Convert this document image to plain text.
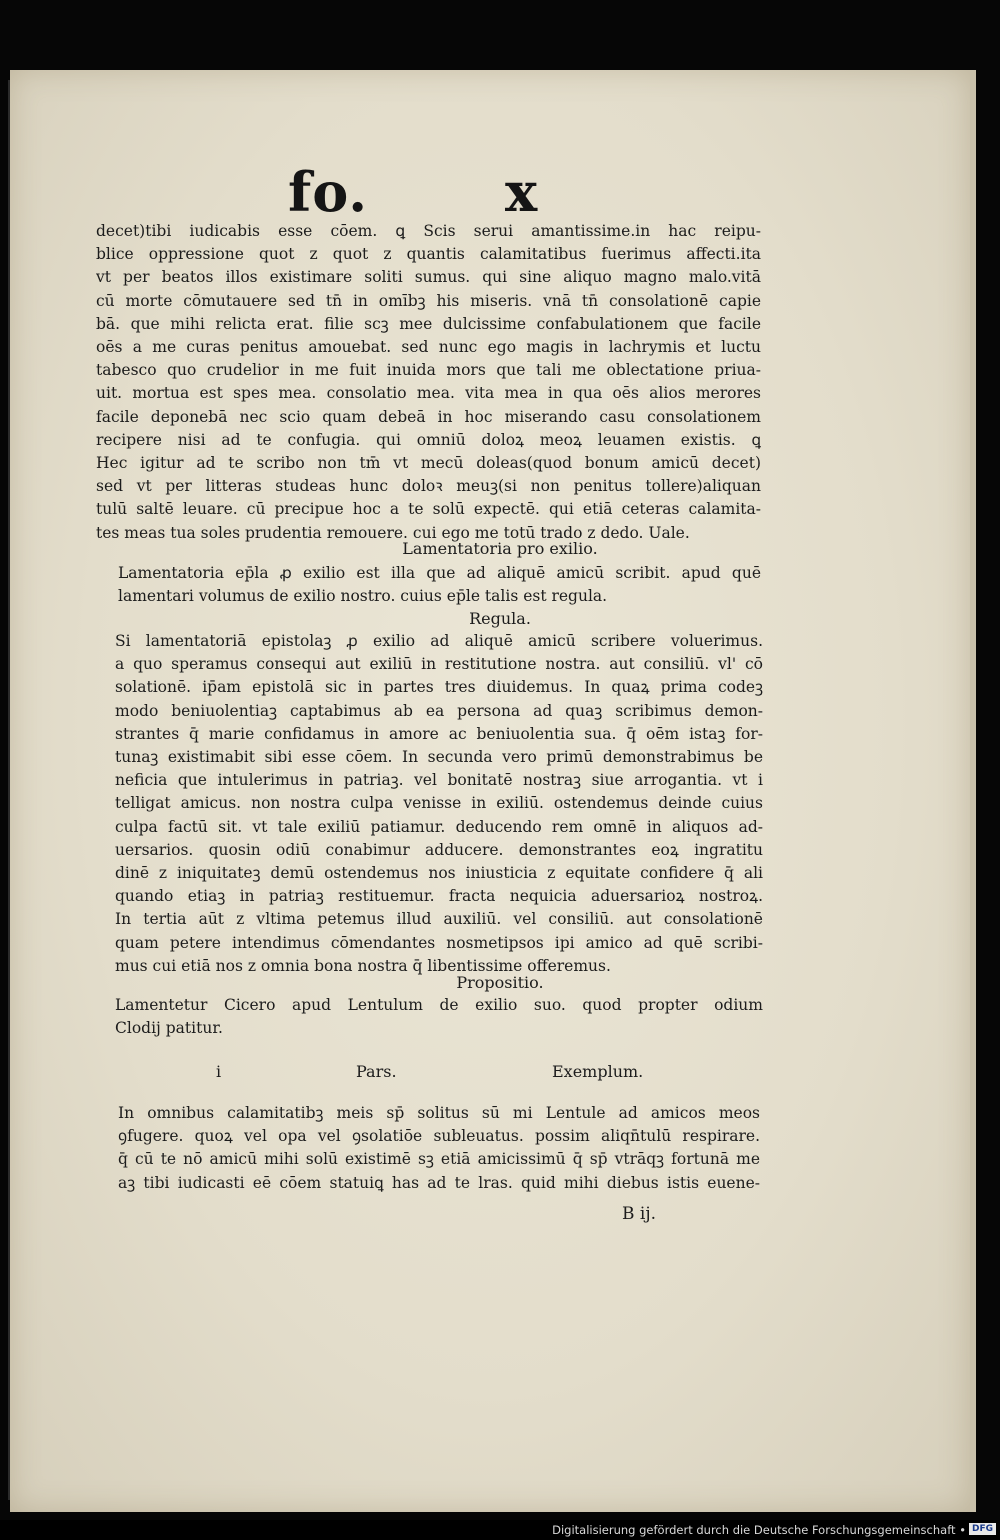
fo.	x

decet)tibi iudicabis esse cōem. ꝗ Scis serui amantissime.in hac reipu-

blice oppressione quot z quot z quantis calamitatibus fuerimus affecti.ita

vt per beatos illos existimare soliti sumus. qui sine aliquo magno malo.vitā

cū morte cōmutauere sed tn̄ in omībꝫ his miseris. vnā tn̄ consolationē capie

bā. que mihi relicta erat. filie scꝫ mee dulcissime confabulationem que facile

oēs a me curas penitus amouebat. sed nunc ego magis in lachrymis et luctu

tabesco quo crudelior in me fuit inuida mors que tali me oblectatione priua-

uit. mortua est spes mea. consolatio mea. vita mea in qua oēs alios merores

facile deponebā nec scio quam debeā in hoc miserando casu consolationem

recipere nisi ad te confugia. qui omniū doloꝝ meoꝝ leuamen existis. ꝗ

Hec igitur ad te scribo non tm̄ vt mecū doleas(quod bonum amicū decet)

sed vt per litteras studeas hunc doloꝛ meuꝫ(si non penitus tollere)aliquan

tulū saltē leuare. cū precipue hoc a te solū expectē. qui etiā ceteras calamita-

tes meas tua soles prudentia remouere. cui ego me totū trado z dedo. Uale.

Lamentatoria pro exilio.

Lamentatoria ep̄la ꝓ exilio est illa que ad aliquē amicū scribit. apud quē

lamentari volumus de exilio nostro. cuius ep̄le talis est regula.

Regula.

Si lamentatoriā epistolaꝫ ꝓ exilio ad aliquē amicū scribere voluerimus.

a quo speramus consequi aut exiliū in restitutione nostra. aut consiliū. vl' cō

solationē. ip̄am epistolā sic in partes tres diuidemus. In quaꝝ prima codeꝫ

modo beniuolentiaꝫ captabimus ab ea persona ad quaꝫ scribimus demon-

strantes q̄ marie confidamus in amore ac beniuolentia sua. q̄ oēm istaꝫ for-

tunaꝫ existimabit sibi esse cōem. In secunda vero primū demonstrabimus be

neficia que intulerimus in patriaꝫ. vel bonitatē nostraꝫ siue arrogantia. vt i

telligat amicus. non nostra culpa venisse in exiliū. ostendemus deinde cuius

culpa factū sit. vt tale exiliū patiamur. deducendo rem omnē in aliquos ad-

uersarios. quosin odiū conabimur adducere. demonstrantes eoꝝ ingratitu

dinē z iniquitateꝫ demū ostendemus nos iniusticia z equitate confidere q̄ ali

quando etiaꝫ in patriaꝫ restituemur. fracta nequicia aduersarioꝝ nostroꝝ.

In tertia aūt z vltima petemus illud auxiliū. vel consiliū. aut consolationē

quam petere intendimus cōmendantes nosmetipsos ipi amico ad quē scribi-

mus cui etiā nos z omnia bona nostra q̄ libentissime offeremus.

Propositio.

Lamentetur Cicero apud Lentulum de exilio suo. quod propter odium

Clodij patitur.

i	Pars.	Exemplum.

In omnibus calamitatibꝫ meis sp̄ solitus sū mi Lentule ad amicos meos

ꝯfugere. quoꝝ vel opa vel ꝯsolatiōe subleuatus. possim aliqn̄tulū respirare.

q̄ cū te nō amicū mihi solū existimē sꝫ etiā amicissimū q̄ sp̄ vtrāqꝫ fortunā me

aꝫ tibi iudicasti eē cōem statuiꝗ has ad te lras. quid mihi diebus istis euene-

B ij.
Digitalisierung gefördert durch die Deutsche Forschungsgemeinschaft • DFG
